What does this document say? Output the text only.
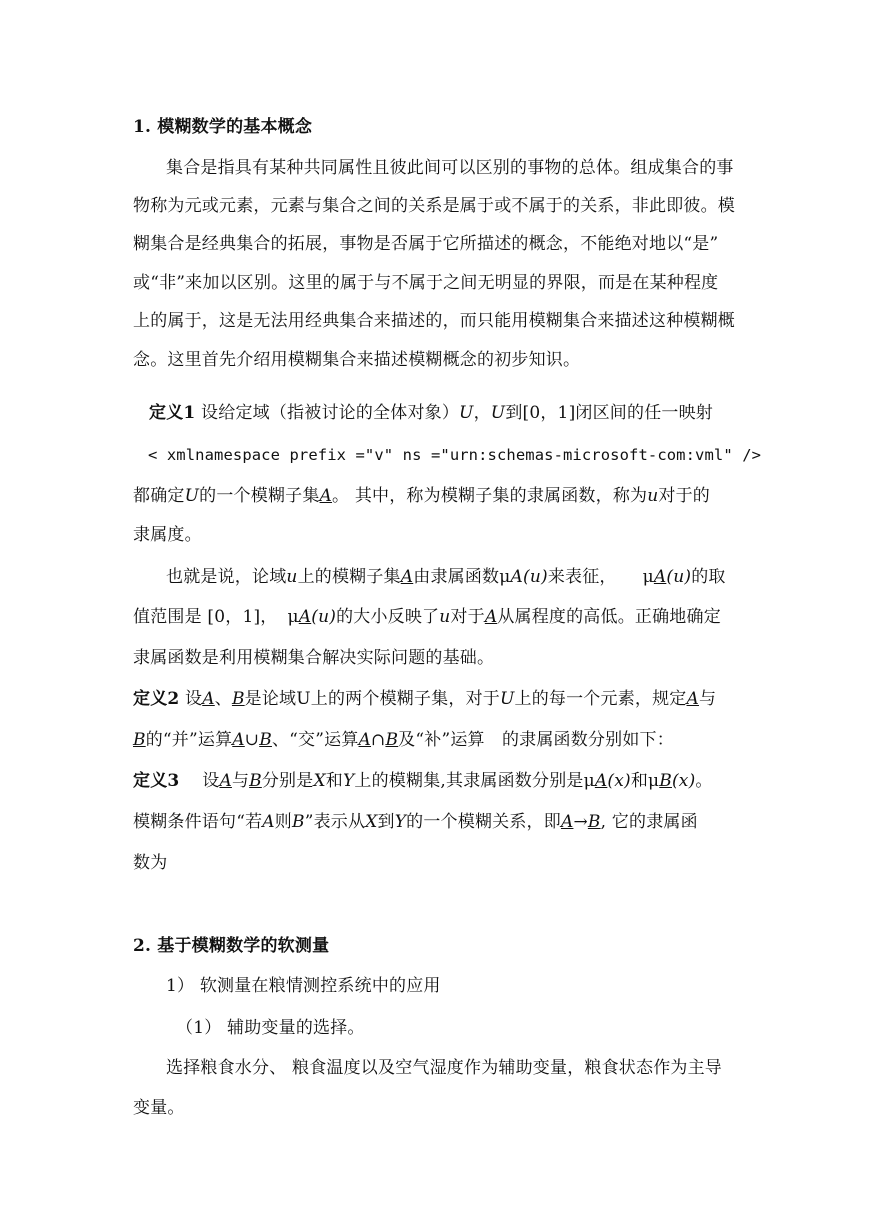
1. 模糊数学的基本概念
集合是指具有某种共同属性且彼此间可以区别的事物的总体。组成集合的事
物称为元或元素，元素与集合之间的关系是属于或不属于的关系，非此即彼。模
糊集合是经典集合的拓展，事物是否属于它所描述的概念，不能绝对地以“是”
或“非”来加以区别。这里的属于与不属于之间无明显的界限，而是在某种程度
上的属于，这是无法用经典集合来描述的，而只能用模糊集合来描述这种模糊概
念。这里首先介绍用模糊集合来描述模糊概念的初步知识。
定义1 设给定域（指被讨论的全体对象）U，U到[0，1]闭区间的任一映射
< xmlnamespace prefix ="v" ns ="urn:schemas-microsoft-com:vml" />
都确定U的一个模糊子集A。 其中，称为模糊子集的隶属函数，称为u对于的
隶属度。
也就是说，论域u上的模糊子集A由隶属函数μA(u)来表征， μA(u)的取
值范围是 [0，1]， μA(u)的大小反映了u对于A从属程度的高低。正确地确定
隶属函数是利用模糊集合解决实际问题的基础。
定义2 设A、B是论域U上的两个模糊子集，对于U上的每一个元素，规定A与
B的“并”运算A∪B、“交”运算A∩B及“补”运算　的隶属函数分别如下：
定义3　 设A与B分别是X和Y上的模糊集,其隶属函数分别是μA(x)和μB(x)。
模糊条件语句“若A则B”表示从X到Y的一个模糊关系，即A→B, 它的隶属函
数为
2. 基于模糊数学的软测量
1） 软测量在粮情测控系统中的应用
（1） 辅助变量的选择。
选择粮食水分、 粮食温度以及空气湿度作为辅助变量，粮食状态作为主导
变量。
